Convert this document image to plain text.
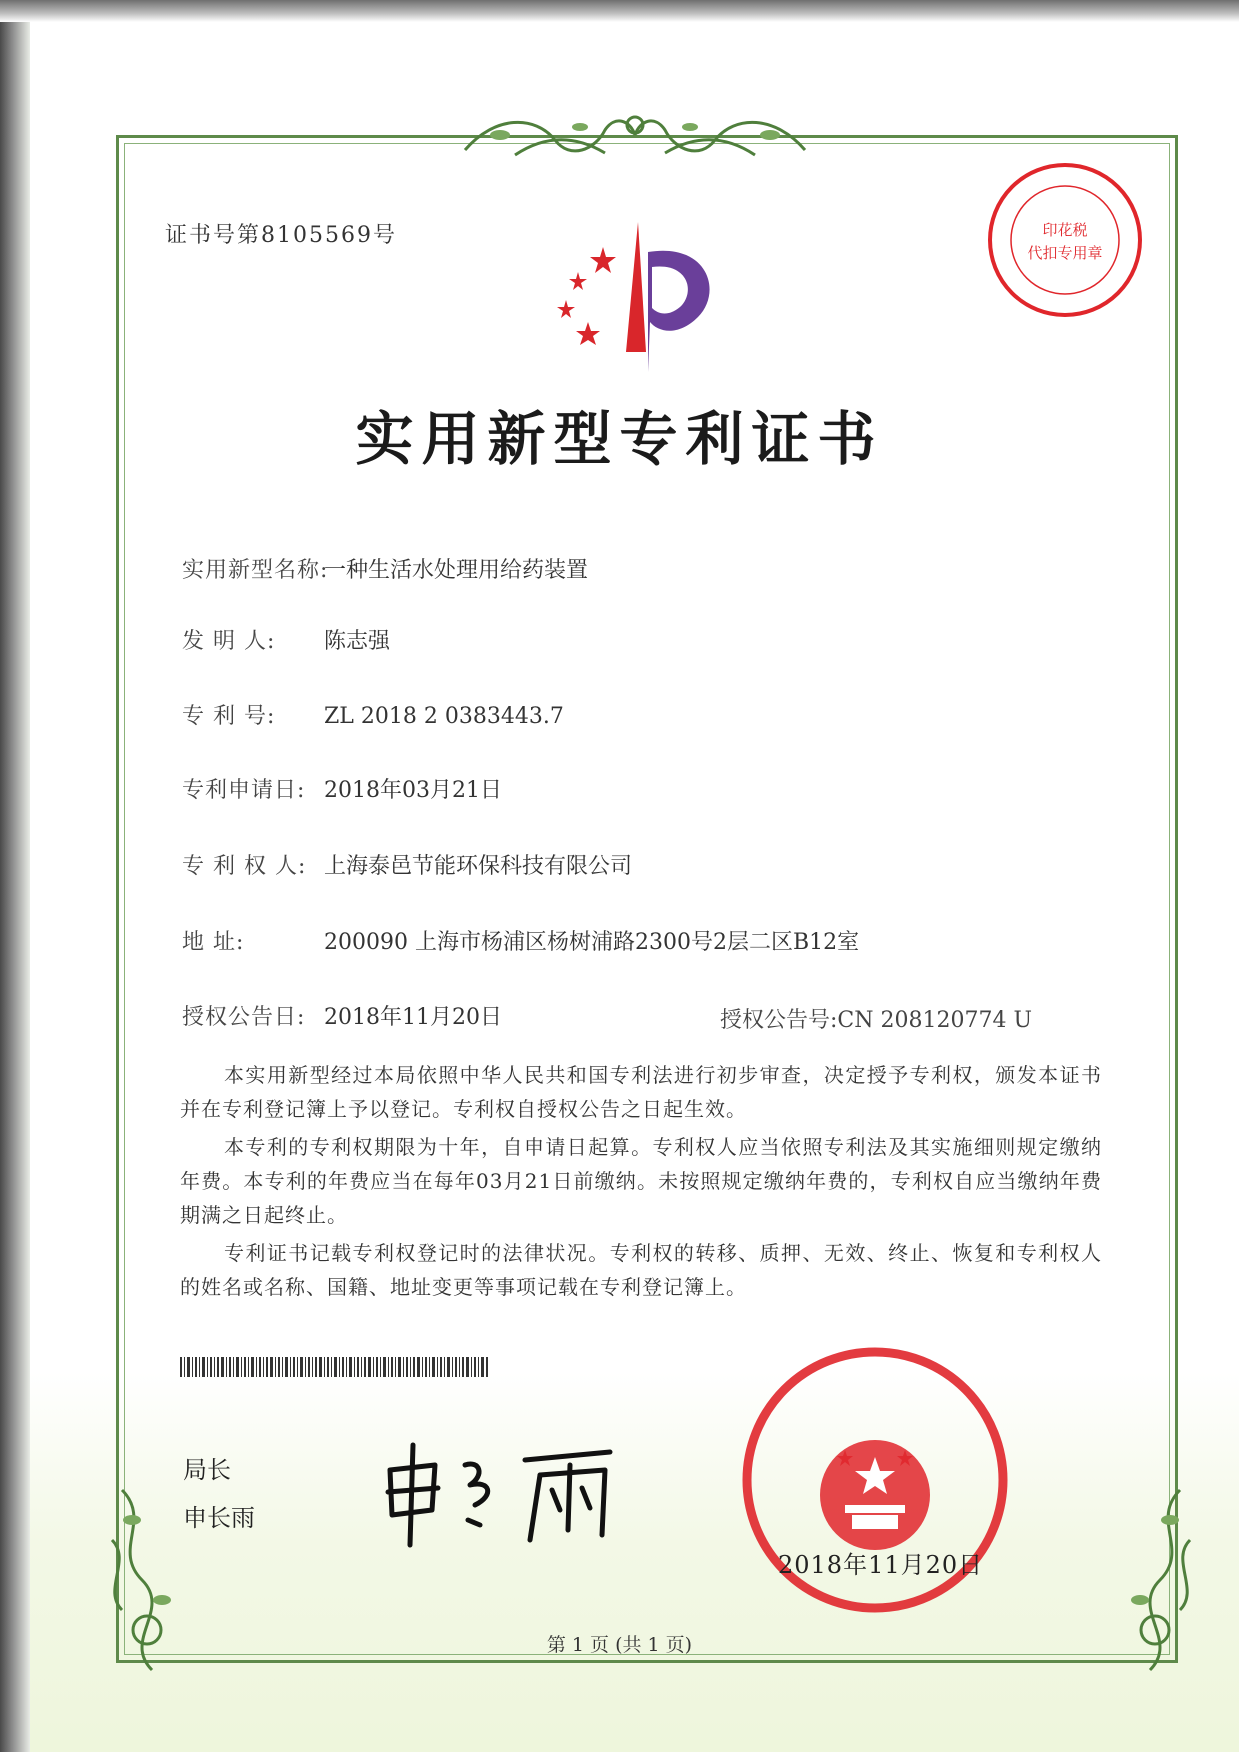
证书号第8105569号	印花税
代扣专用章
实用新型专利证书
实用新型名称:一种生活水处理用给药装置
发 明 人: 陈志强
专 利 号: ZL 2018 2 0383443.7
专利申请日: 2018年03月21日
专 利 权 人: 上海泰邑节能环保科技有限公司
地 址:	200090 上海市杨浦区杨树浦路2300号2层二区B12室
授权公告日: 2018年11月20日	授权公告号:CN 208120774 U
本实用新型经过本局依照中华人民共和国专利法进行初步审查，决定授予专利权，颁发本证书并在专利登记簿上予以登记。专利权自授权公告之日起生效。
本专利的专利权期限为十年，自申请日起算。专利权人应当依照专利法及其实施细则规定缴纳年费。本专利的年费应当在每年03月21日前缴纳。未按照规定缴纳年费的，专利权自应当缴纳年费期满之日起终止。
专利证书记载专利权登记时的法律状况。专利权的转移、质押、无效、终止、恢复和专利权人的姓名或名称、国籍、地址变更等事项记载在专利登记簿上。
局长
申长雨
2018年11月20日
第 1 页 (共 1 页)
